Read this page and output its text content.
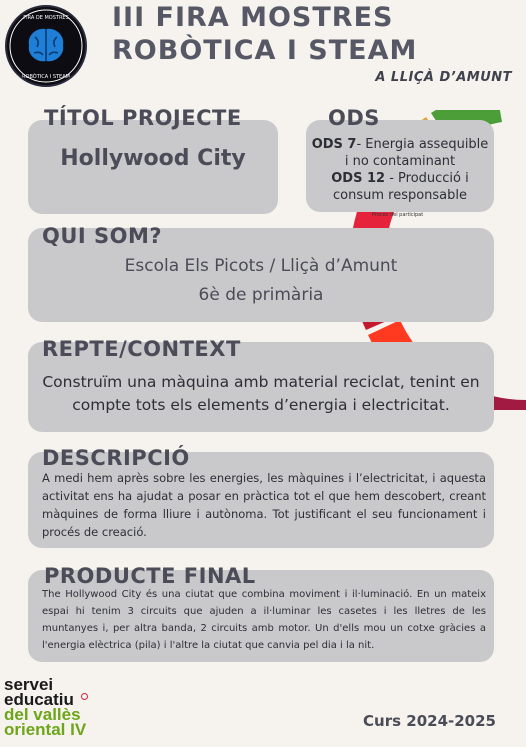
FIRA DE MOSTRES
ROBÒTICA I STEAM
III FIRA MOSTRES
ROBÒTICA I STEAM
A LLIÇÀ D’AMUNT
TÍTOL PROJECTE
Hollywood City
ODS
ODS 7- Energia assequible i no contaminant
ODS 12 - Producció i consum responsable
Proces del participat
QUI SOM?
Escola Els Picots / Lliçà d’Amunt
6è de primària
REPTE/CONTEXT
Construïm una màquina amb material reciclat, tenint en compte tots els elements d’energia i electricitat.
DESCRIPCIÓ
A medi hem après sobre les energies, les màquines i l’electricitat, i aquesta activitat ens ha ajudat a posar en pràctica tot el que hem descobert, creant màquines de forma lliure i autònoma. Tot justificant el seu funcionament i procés de creació.
PRODUCTE FINAL
The Hollywood City és una ciutat que combina moviment i il·luminació. En un mateix espai hi tenim 3 circuits que ajuden a il·luminar les casetes i les lletres de les muntanyes i, per altra banda, 2 circuits amb motor. Un d'ells mou un cotxe gràcies a l'energia elèctrica (pila) i l'altre la ciutat que canvia pel dia i la nit.
servei
educatiu
del vallès
oriental IV	Curs 2024-2025
